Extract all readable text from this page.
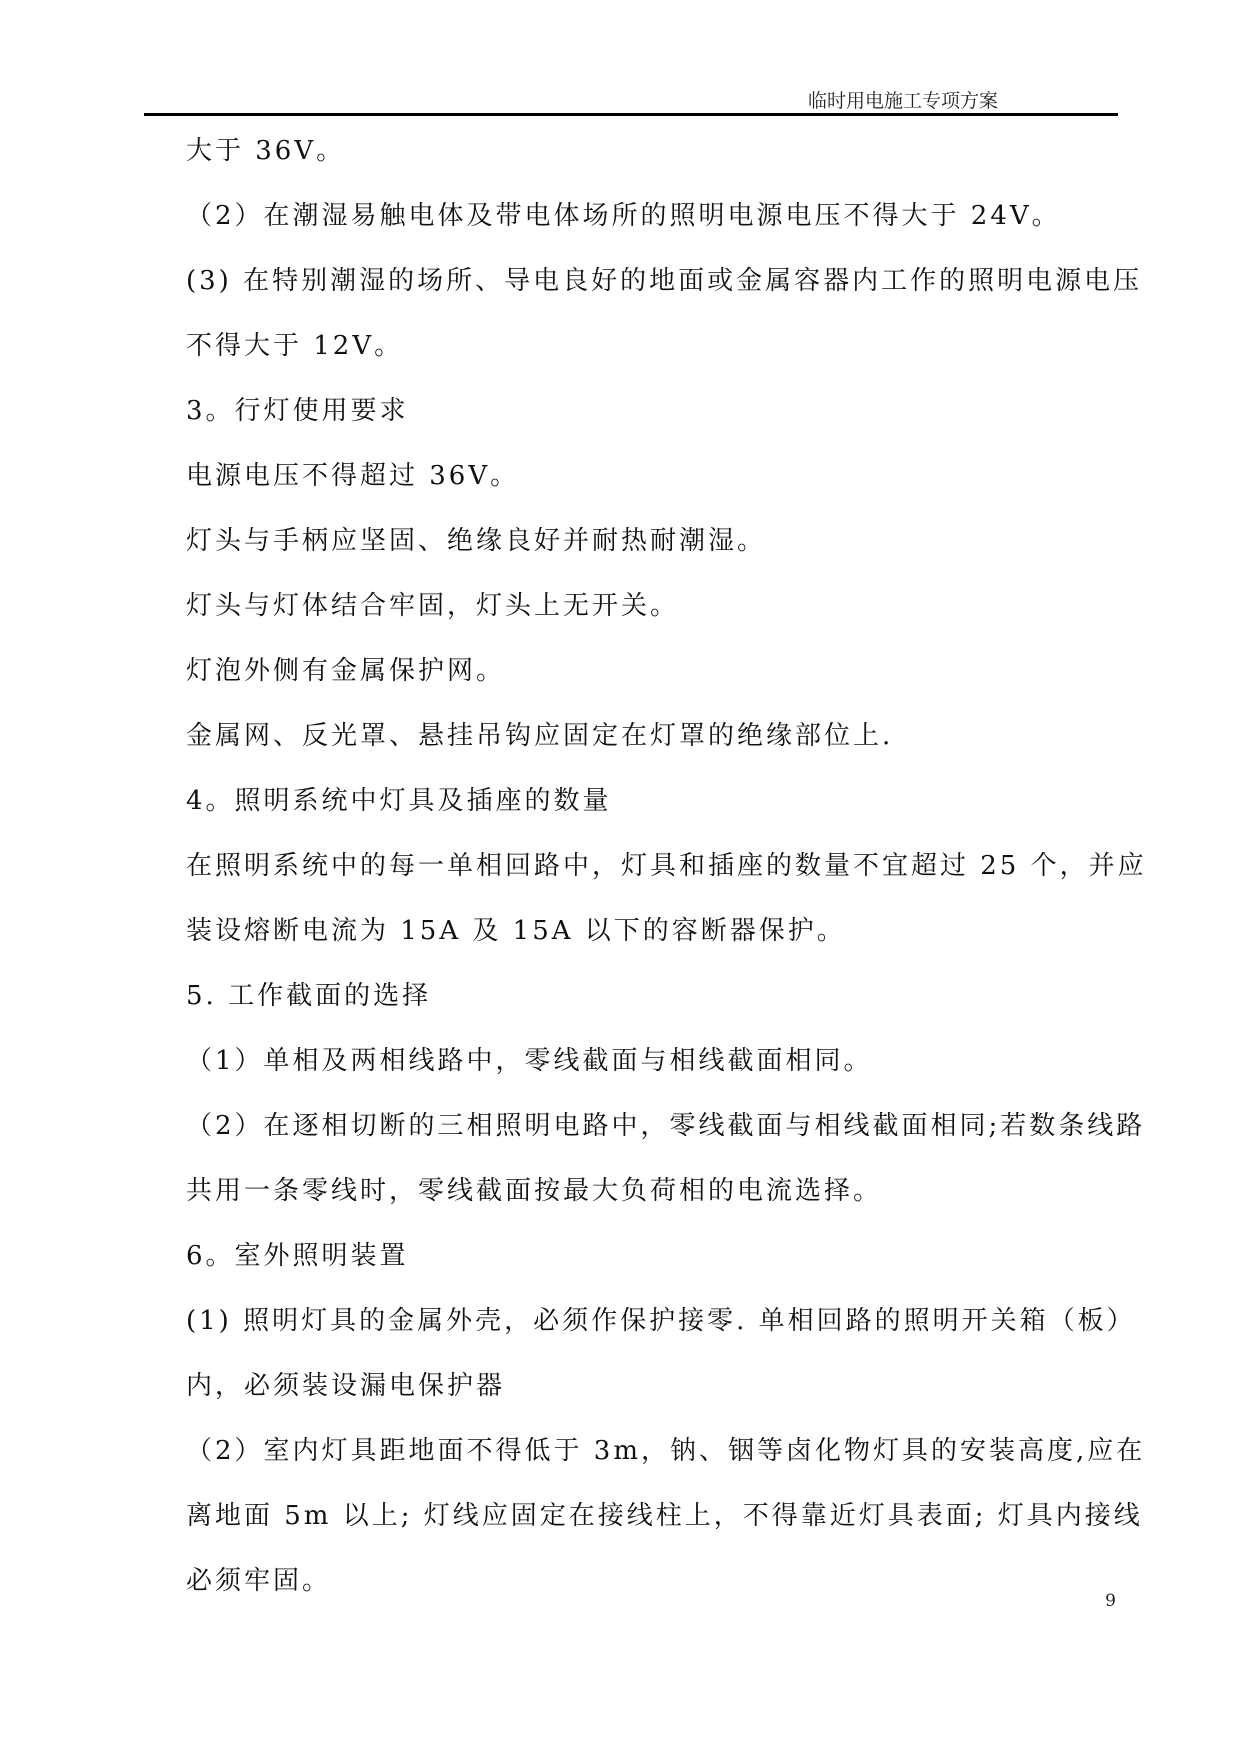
临时用电施工专项方案

大于 36V。

（2）在潮湿易触电体及带电体场所的照明电源电压不得大于 24V。

(3) 在特别潮湿的场所、导电良好的地面或金属容器内工作的照明电源电压

不得大于 12V。

3。行灯使用要求

电源电压不得超过 36V。

灯头与手柄应坚固、绝缘良好并耐热耐潮湿。

灯头与灯体结合牢固，灯头上无开关。

灯泡外侧有金属保护网。

金属网、反光罩、悬挂吊钩应固定在灯罩的绝缘部位上.

4。照明系统中灯具及插座的数量

在照明系统中的每一单相回路中，灯具和插座的数量不宜超过 25 个，并应

装设熔断电流为 15A 及 15A 以下的容断器保护。

5. 工作截面的选择

（1）单相及两相线路中，零线截面与相线截面相同。

（2）在逐相切断的三相照明电路中，零线截面与相线截面相同;若数条线路

共用一条零线时，零线截面按最大负荷相的电流选择。

6。室外照明装置

(1) 照明灯具的金属外壳，必须作保护接零. 单相回路的照明开关箱（板）

内，必须装设漏电保护器

（2）室内灯具距地面不得低于 3m，钠、铟等卤化物灯具的安装高度,应在

离地面 5m 以上; 灯线应固定在接线柱上，不得靠近灯具表面; 灯具内接线

必须牢固。

9
